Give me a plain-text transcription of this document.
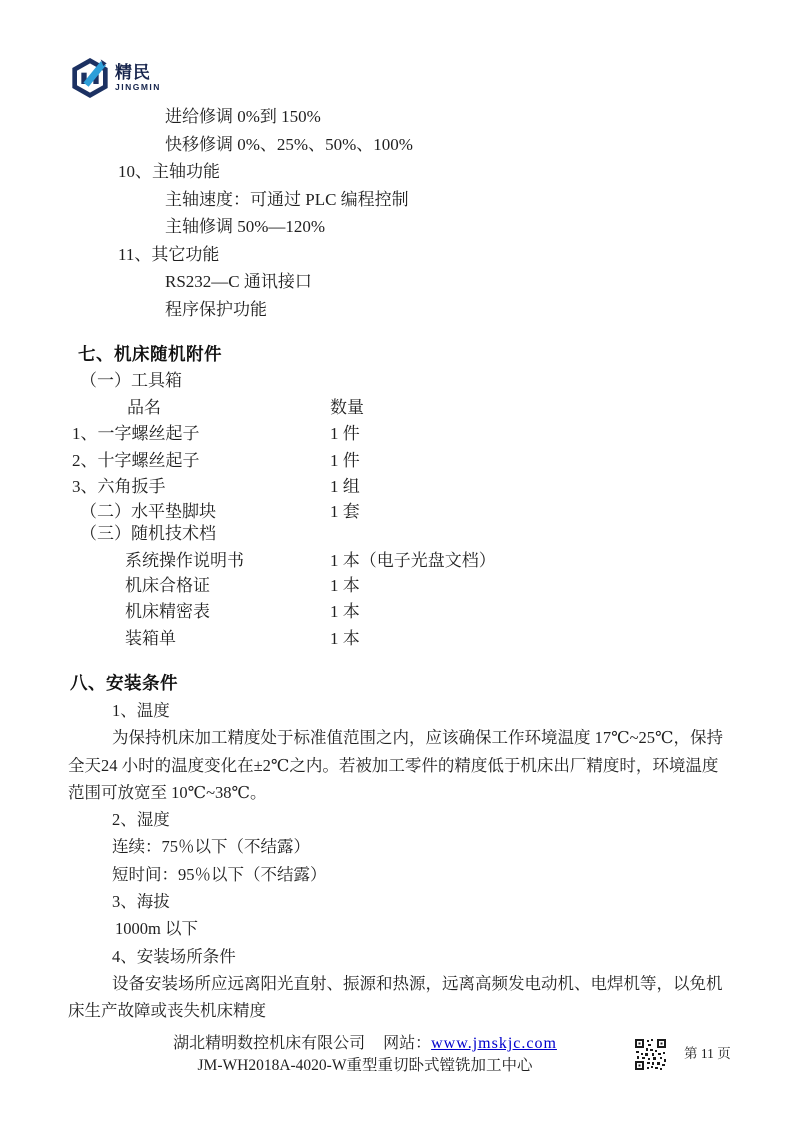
精民
JINGMIN
进给修调 0%到 150%
快移修调 0%、25%、50%、100%
10、主轴功能
主轴速度：可通过 PLC 编程控制
主轴修调 50%—120%
11、其它功能
RS232—C 通讯接口
程序保护功能
七、机床随机附件
（一）工具箱
品名	数量
1、一字螺丝起子	1 件
2、十字螺丝起子	1 件
3、六角扳手	1 组
（二）水平垫脚块	1 套
（三）随机技术档
系统操作说明书	1 本（电子光盘文档）
机床合格证	1 本
机床精密表	1 本
装箱单	1 本
八、安装条件
1、温度
为保持机床加工精度处于标准值范围之内，应该确保工作环境温度 17℃~25℃，保持
全天24 小时的温度变化在±2℃之内。若被加工零件的精度低于机床出厂精度时，环境温度
范围可放宽至 10℃~38℃。
2、湿度
连续：75％以下（不结露）
短时间：95％以下（不结露）
3、海拔
1000m 以下
4、安装场所条件
设备安装场所应远离阳光直射、振源和热源，远离高频发电动机、电焊机等，以免机
床生产故障或丧失机床精度
湖北精明数控机床有限公司 网站：www.jmskjc.com
JM-WH2018A-4020-W重型重切卧式镗铣加工中心
第 11 页
